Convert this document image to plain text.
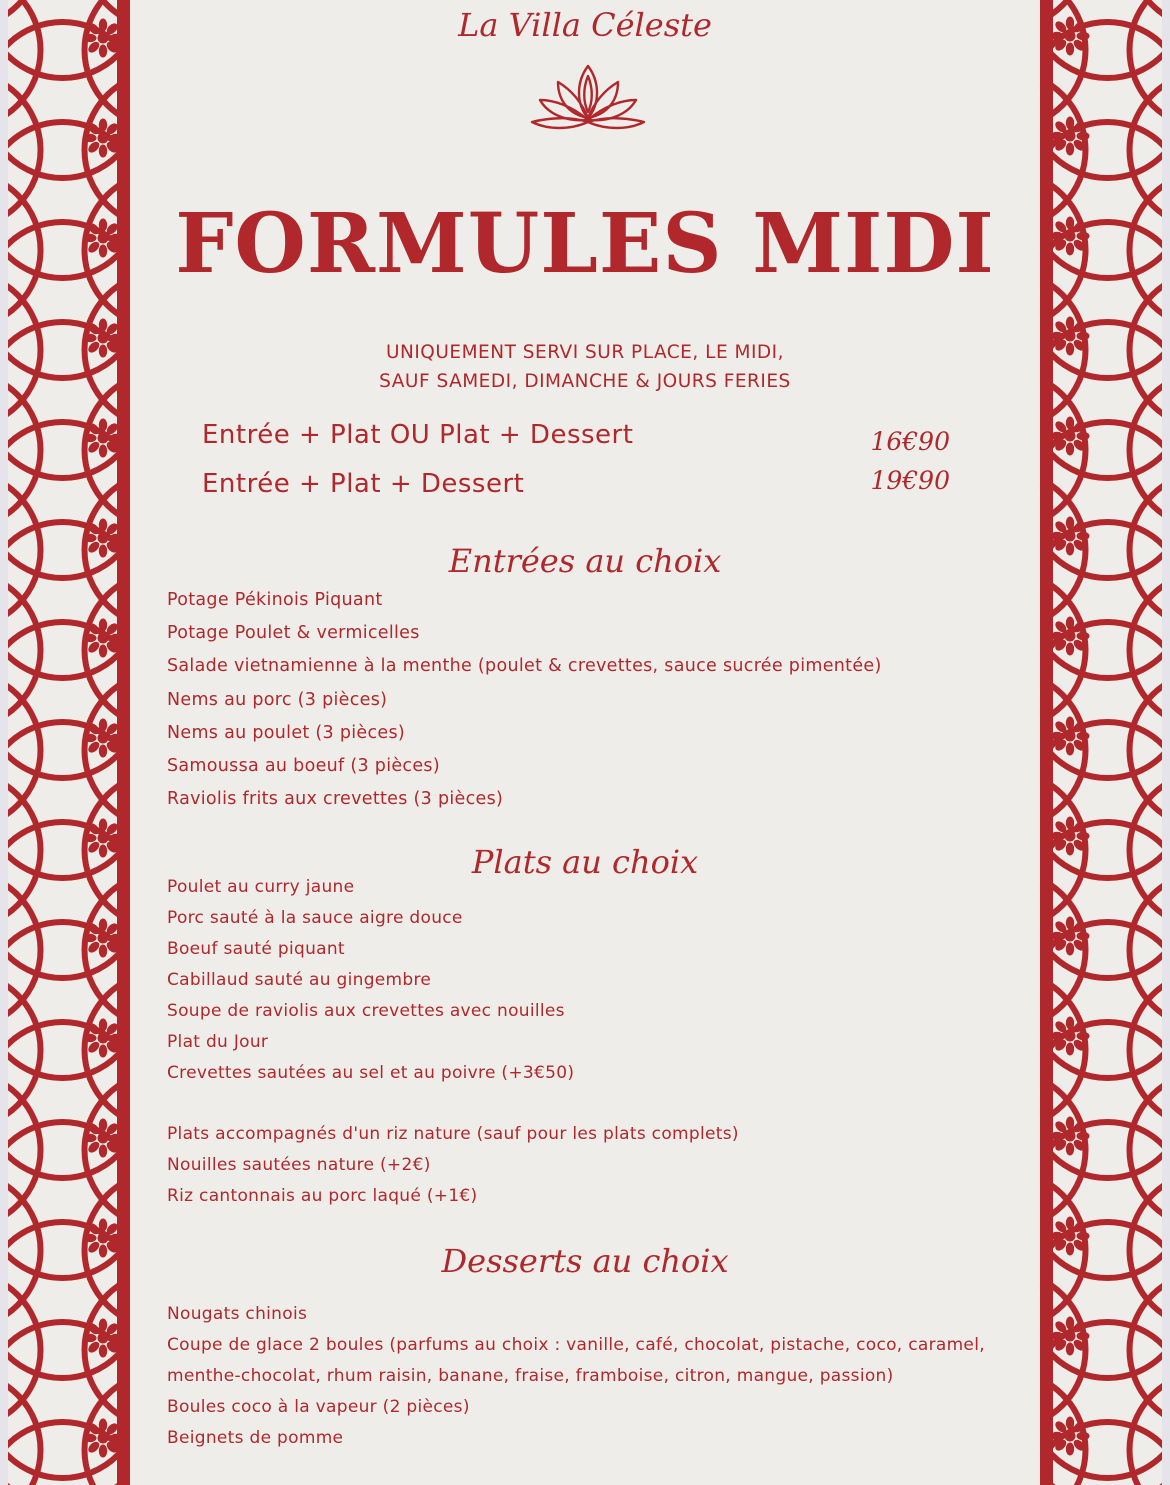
La Villa Céleste
FORMULES MIDI
UNIQUEMENT SERVI SUR PLACE, LE MIDI,
SAUF SAMEDI, DIMANCHE & JOURS FERIES
Entrée + Plat OU Plat + Dessert	16€90
Entrée + Plat + Dessert	19€90
Entrées au choix
Potage Pékinois Piquant
Potage Poulet & vermicelles
Salade vietnamienne à la menthe (poulet & crevettes, sauce sucrée pimentée)
Nems au porc (3 pièces)
Nems au poulet (3 pièces)
Samoussa au boeuf (3 pièces)
Raviolis frits aux crevettes (3 pièces)
Plats au choix
Poulet au curry jaune
Porc sauté à la sauce aigre douce
Boeuf sauté piquant
Cabillaud sauté au gingembre
Soupe de raviolis aux crevettes avec nouilles
Plat du Jour
Crevettes sautées au sel et au poivre (+3€50)
Plats accompagnés d'un riz nature (sauf pour les plats complets)
Nouilles sautées nature (+2€)
Riz cantonnais au porc laqué (+1€)
Desserts au choix
Nougats chinois
Coupe de glace 2 boules (parfums au choix : vanille, café, chocolat, pistache, coco, caramel,
menthe-chocolat, rhum raisin, banane, fraise, framboise, citron, mangue, passion)
Boules coco à la vapeur (2 pièces)
Beignets de pomme
